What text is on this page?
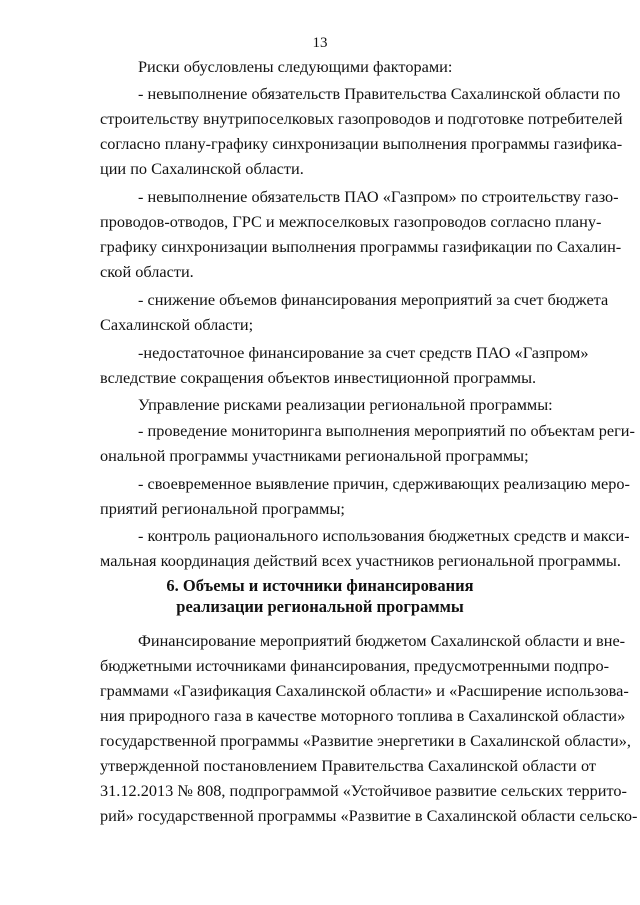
13
Риски обусловлены следующими факторами:
- невыполнение обязательств Правительства Сахалинской области по
строительству внутрипоселковых газопроводов и подготовке потребителей
согласно плану-графику синхронизации выполнения программы газифика-
ции по Сахалинской области.
- невыполнение обязательств ПАО «Газпром» по строительству газо-
проводов-отводов, ГРС и межпоселковых газопроводов согласно плану-
графику синхронизации выполнения программы газификации по Сахалин-
ской области.
- снижение объемов финансирования мероприятий за счет бюджета
Сахалинской области;
-недостаточное финансирование за счет средств ПАО «Газпром»
вследствие сокращения объектов инвестиционной программы.
Управление рисками реализации региональной программы:
- проведение мониторинга выполнения мероприятий по объектам реги-
ональной программы участниками региональной программы;
- своевременное выявление причин, сдерживающих реализацию меро-
приятий региональной программы;
- контроль рационального использования бюджетных средств и макси-
мальная координация действий всех участников региональной программы.
6. Объемы и источники финансирования
реализации региональной программы
Финансирование мероприятий бюджетом Сахалинской области и вне-
бюджетными источниками финансирования, предусмотренными подпро-
граммами «Газификация Сахалинской области» и «Расширение использова-
ния природного газа в качестве моторного топлива в Сахалинской области»
государственной программы «Развитие энергетики в Сахалинской области»,
утвержденной постановлением Правительства Сахалинской области от
31.12.2013 № 808, подпрограммой «Устойчивое развитие сельских террито-
рий» государственной программы «Развитие в Сахалинской области сельско-
